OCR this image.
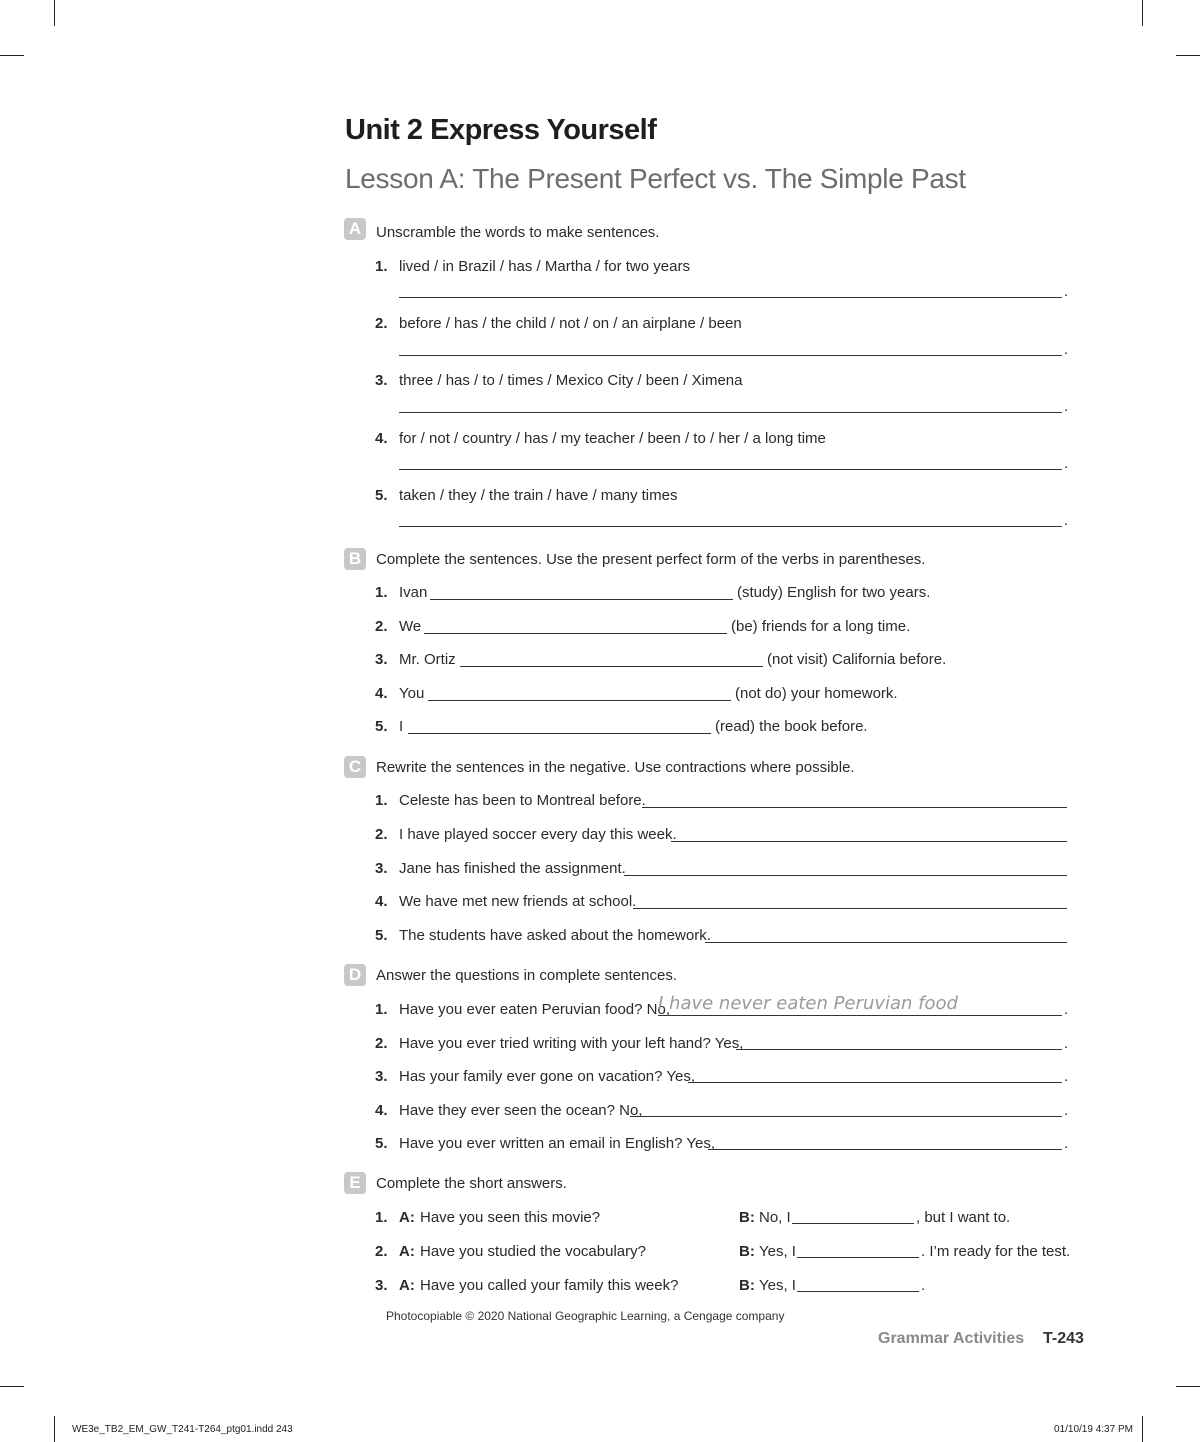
Unit 2 Express Yourself
Lesson A: The Present Perfect vs. The Simple Past
A Unscramble the words to make sentences.
1. lived / in Brazil / has / Martha / for two years
.
2. before / has / the child / not / on / an airplane / been
.
3. three / has / to / times / Mexico City / been / Ximena
.
4. for / not / country / has / my teacher / been / to / her / a long time
.
5. taken / they / the train / have / many times
.
B Complete the sentences. Use the present perfect form of the verbs in parentheses.
1. Ivan	(study) English for two years.
2. We	(be) friends for a long time.
3. Mr. Ortiz	(not visit) California before.
4. You	(not do) your homework.
5. I	(read) the book before.
C Rewrite the sentences in the negative. Use contractions where possible.
1. Celeste has been to Montreal before.
2. I have played soccer every day this week.
3. Jane has finished the assignment.
4. We have met new friends at school.
5. The students have asked about the homework.
D Answer the questions in complete sentences.
1. Have you ever eaten Peruvian food? No,
I have never eaten Peruvian food	.
2. Have you ever tried writing with your left hand? Yes,	.
3. Has your family ever gone on vacation? Yes,	.
4. Have they ever seen the ocean? No,	.
5. Have you ever written an email in English? Yes,	.
E	Complete the short answers.
1. A: Have you seen this movie?	B: No, I	, but I want to.
2. A: Have you studied the vocabulary?	B: Yes, I	. I’m ready for the test.
3. A: Have you called your family this week?	B: Yes, I	.
Photocopiable © 2020 National Geographic Learning, a Cengage company
Grammar Activities T-243
WE3e_TB2_EM_GW_T241-T264_ptg01.indd 243	01/10/19 4:37 PM
